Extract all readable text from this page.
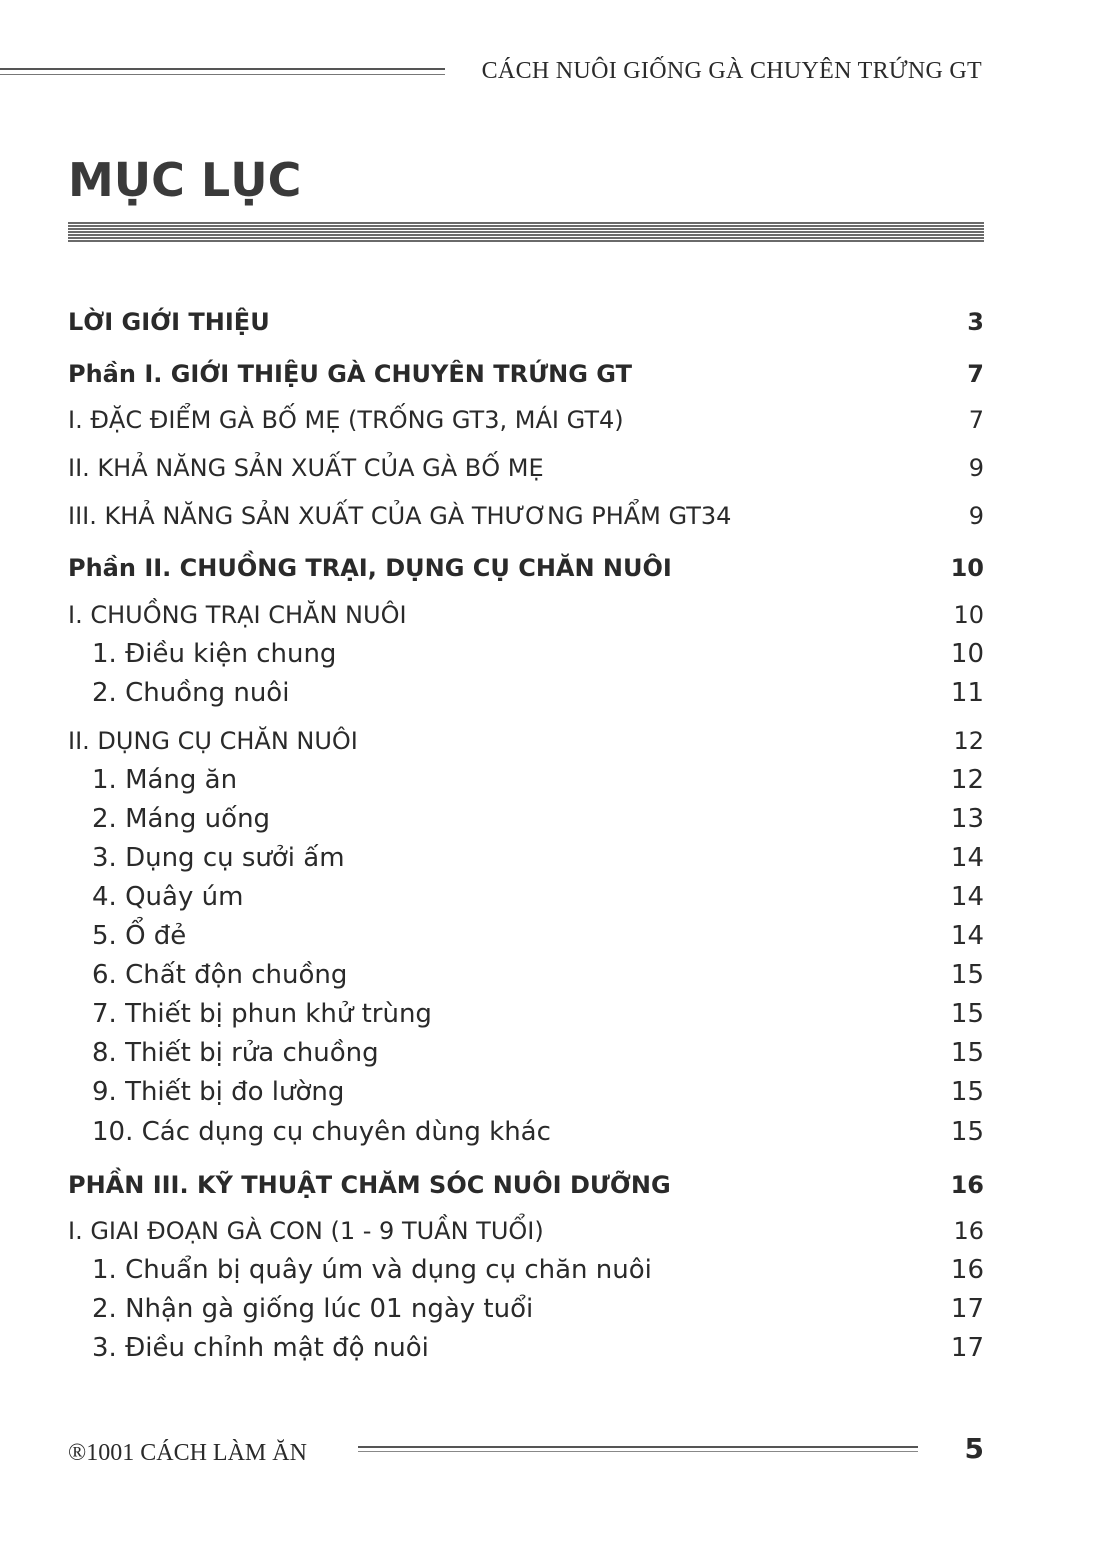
CÁCH NUÔI GIỐNG GÀ CHUYÊN TRỨNG GT
MỤC LỤC
LỜI GIỚI THIỆU	3
Phần I. GIỚI THIỆU GÀ CHUYÊN TRỨNG GT	7
I. ĐẶC ĐIỂM GÀ BỐ MẸ (TRỐNG GT3, MÁI GT4)	7
II. KHẢ NĂNG SẢN XUẤT CỦA GÀ BỐ MẸ	9
III. KHẢ NĂNG SẢN XUẤT CỦA GÀ THƯƠNG PHẨM GT34	9
Phần II. CHUỒNG TRẠI, DỤNG CỤ CHĂN NUÔI	10
I. CHUỒNG TRẠI CHĂN NUÔI	10
1. Điều kiện chung	10
2. Chuồng nuôi	11
II. DỤNG CỤ CHĂN NUÔI	12
1. Máng ăn	12
2. Máng uống	13
3. Dụng cụ sưởi ấm	14
4. Quây úm	14
5. Ổ đẻ	14
6. Chất độn chuồng	15
7. Thiết bị phun khử trùng	15
8. Thiết bị rửa chuồng	15
9. Thiết bị đo lường	15
10. Các dụng cụ chuyên dùng khác	15
PHẦN III. KỸ THUẬT CHĂM SÓC NUÔI DƯỠNG	16
I. GIAI ĐOẠN GÀ CON (1 - 9 TUẦN TUỔI)	16
1. Chuẩn bị quây úm và dụng cụ chăn nuôi	16
2. Nhận gà giống lúc 01 ngày tuổi	17
3. Điều chỉnh mật độ nuôi	17
®1001 CÁCH LÀM ĂN	5
